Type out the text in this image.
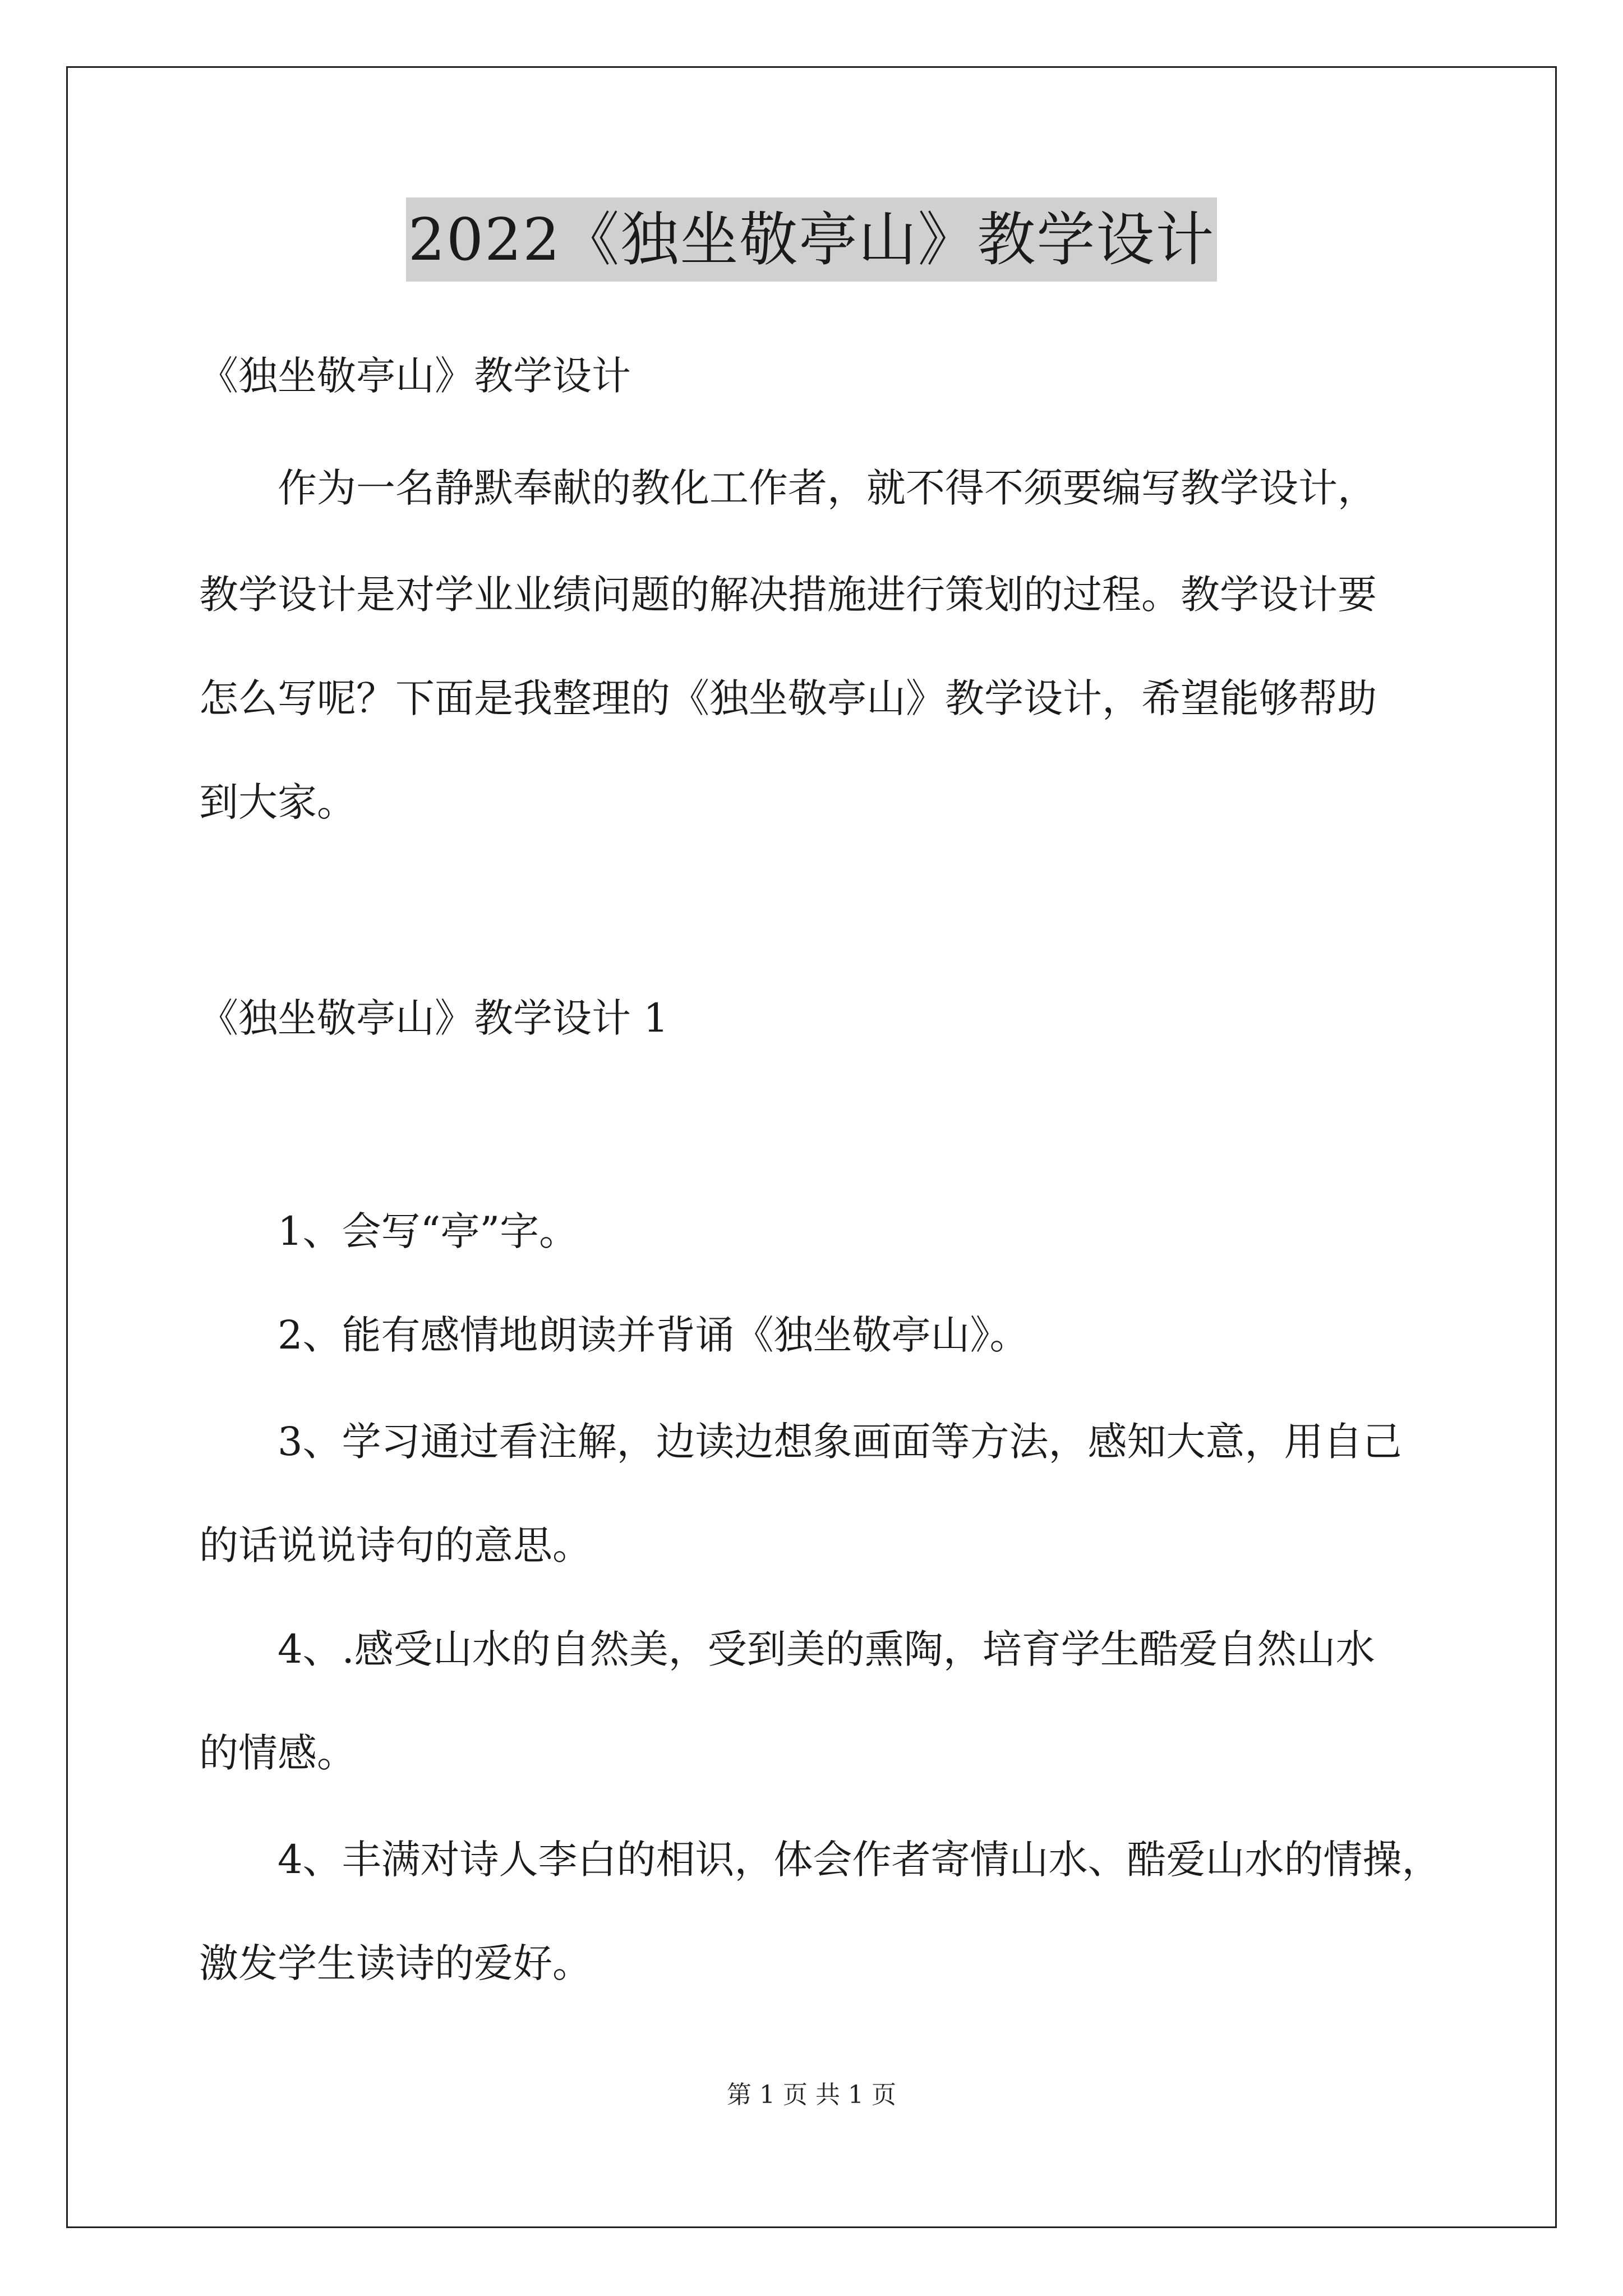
2022《独坐敬亭山》教学设计
《独坐敬亭山》教学设计
作为一名静默奉献的教化工作者，就不得不须要编写教学设计，
教学设计是对学业业绩问题的解决措施进行策划的过程。教学设计要
怎么写呢？下面是我整理的《独坐敬亭山》教学设计，希望能够帮助
到大家。
《独坐敬亭山》教学设计 1
1、会写“亭”字。
2、能有感情地朗读并背诵《独坐敬亭山》。
3、学习通过看注解，边读边想象画面等方法，感知大意，用自己
的话说说诗句的意思。
4、.感受山水的自然美，受到美的熏陶，培育学生酷爱自然山水
的情感。
4、丰满对诗人李白的相识，体会作者寄情山水、酷爱山水的情操，
激发学生读诗的爱好。
第 1 页 共 1 页
